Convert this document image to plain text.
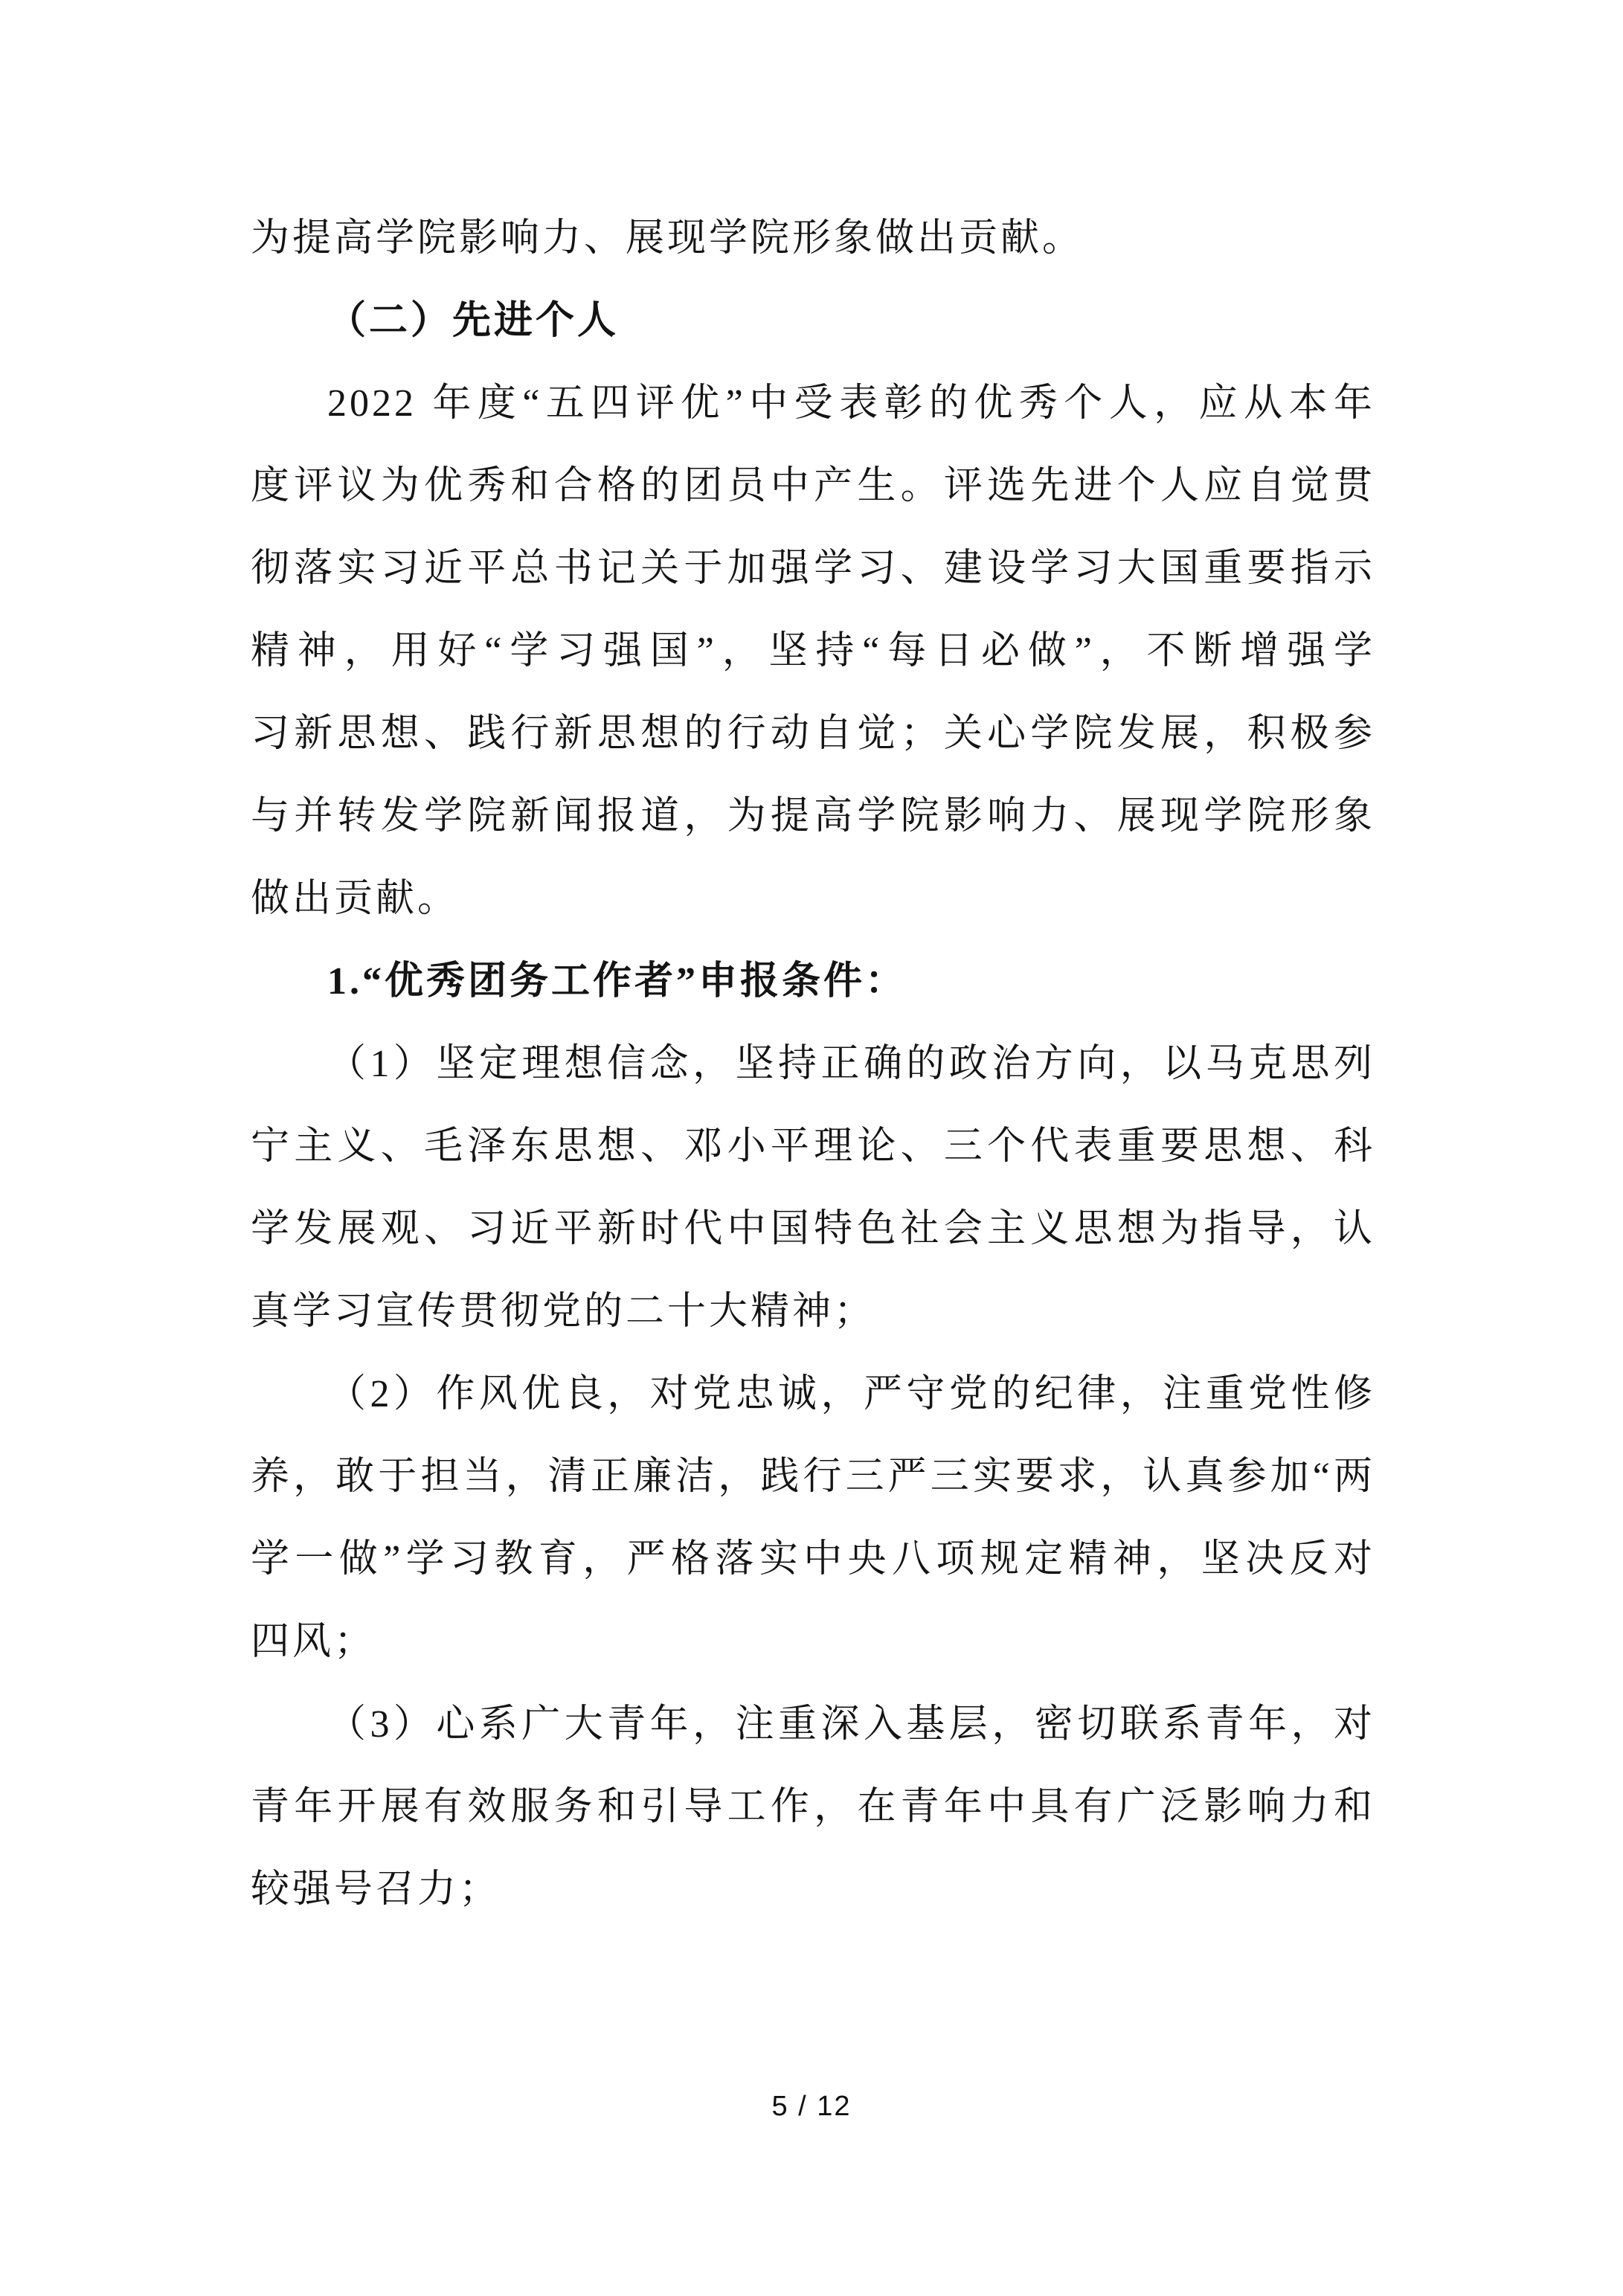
为提高学院影响力、展现学院形象做出贡献。

（二）先进个人

2022 年度“五四评优”中受表彰的优秀个人，应从本年

度评议为优秀和合格的团员中产生。评选先进个人应自觉贯

彻落实习近平总书记关于加强学习、建设学习大国重要指示

精神，用好“学习强国”，坚持“每日必做”，不断增强学

习新思想、践行新思想的行动自觉；关心学院发展，积极参

与并转发学院新闻报道，为提高学院影响力、展现学院形象

做出贡献。

1.“优秀团务工作者”申报条件：

（1）坚定理想信念，坚持正确的政治方向，以马克思列

宁主义、毛泽东思想、邓小平理论、三个代表重要思想、科

学发展观、习近平新时代中国特色社会主义思想为指导，认

真学习宣传贯彻党的二十大精神；

（2）作风优良，对党忠诚，严守党的纪律，注重党性修

养，敢于担当，清正廉洁，践行三严三实要求，认真参加“两

学一做”学习教育，严格落实中央八项规定精神，坚决反对

四风；

（3）心系广大青年，注重深入基层，密切联系青年，对

青年开展有效服务和引导工作，在青年中具有广泛影响力和

较强号召力；

5 / 12
